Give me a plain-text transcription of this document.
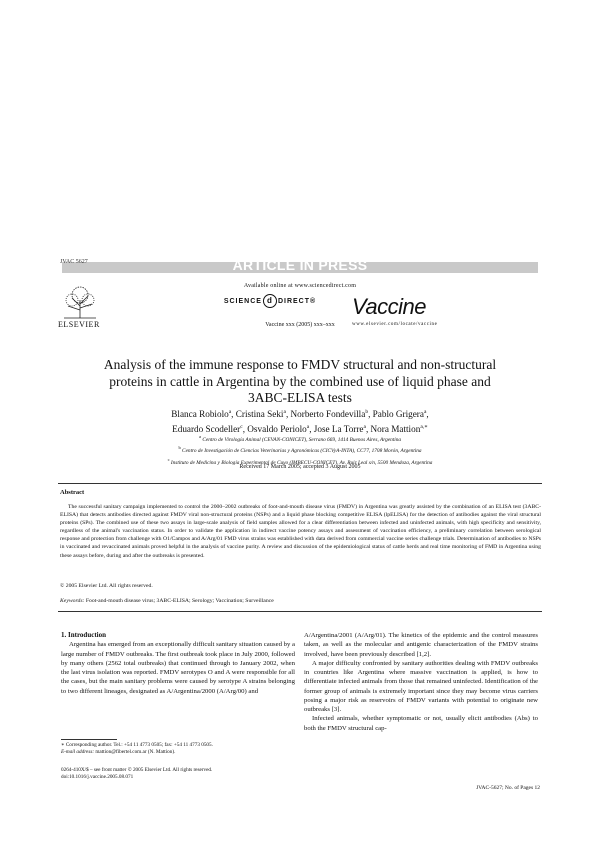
ARTICLE IN PRESS
JVAC 5627
ELSEVIER
Available online at www.sciencedirect.com
SCIENCE d DIRECT®
Vaccine xxx (2005) xxx–xxx
Vaccine
www.elsevier.com/locate/vaccine
Analysis of the immune response to FMDV structural and non-structural proteins in cattle in Argentina by the combined use of liquid phase and 3ABC-ELISA tests
Blanca Robiolo$^a$, Cristina Seki$^a$, Norberto Fondevilla$^b$, Pablo Grigera$^a$,
Eduardo Scodeller$^c$, Osvaldo Periolo$^a$, Jose La Torre$^a$, Nora Mattion$^{a,∗}$
$^a$ Centro de Virología Animal (CEVAN-CONICET), Serrano 669, 1414 Buenos Aires, Argentina
$^b$ Centro de Investigación de Ciencias Veterinarias y Agronómicas (CICVyA-INTA), CC77, 1708 Morón, Argentina
$^c$ Instituto de Medicina y Biología Experimental de Cuyo (IMBECU-CONICET), Av. Ruiz Leal s/n, 5500 Mendoza, Argentina
Received 17 March 2005; accepted 3 August 2005
Abstract

The successful sanitary campaign implemented to control the 2000–2002 outbreaks of foot-and-mouth disease virus (FMDV) in Argentina was greatly assisted by the combination of an ELISA test (3ABC-ELISA) that detects antibodies directed against FMDV viral non-structural proteins (NSPs) and a liquid phase blocking competitive ELISA (lpELISA) for the detection of antibodies against the viral structural proteins (SPs). The combined use of these two assays in large-scale analysis of field samples allowed for a clear differentiation between infected and uninfected animals, with high specificity and sensitivity, regardless of the animal's vaccination status. In order to validate the application in indirect vaccine potency assays and assessment of vaccination efficiency, a preliminary correlation between serological response and protection from challenge with O1/Campos and A/Arg/01 FMD virus strains was established with data derived from commercial vaccine series challenge trials. Determination of antibodies to NSPs in vaccinated and revaccinated animals proved helpful in the analysis of vaccine purity. A review and discussion of the epidemiological status of cattle herds and real time monitoring of FMD in Argentina using these assays before, during and after the outbreaks is presented.

© 2005 Elsevier Ltd. All rights reserved.
Keywords: Foot-and-mouth disease virus; 3ABC-ELISA; Serology; Vaccination; Surveillance

1. Introduction

Argentina has emerged from an exceptionally difficult sanitary situation caused by a large number of FMDV outbreaks. The first outbreak took place in July 2000, followed by many others (2562 total outbreaks) that continued through to January 2002, when the last virus isolation was reported. FMDV serotypes O and A were responsible for all the cases, but the main sanitary problems were caused by serotype A strains belonging to two different lineages, designated as A/Argentina/2000 (A/Arg/00) and

A/Argentina/2001 (A/Arg/01). The kinetics of the epidemic and the control measures taken, as well as the molecular and antigenic characterization of the FMDV strains involved, have been previously described [1,2].

A major difficulty confronted by sanitary authorities dealing with FMDV outbreaks in countries like Argentina where massive vaccination is applied, is how to differentiate infected animals from those that remained uninfected. Identification of the former group of animals is extremely important since they may become virus carriers posing a major risk as reservoirs of FMDV variants with potential to originate new outbreaks [3].

Infected animals, whether symptomatic or not, usually elicit antibodies (Abs) to both the FMDV structural cap-

∗ Corresponding author. Tel.: +54 11 4773 0505; fax: +54 11 4773 0505.
E-mail address: mattion@fibertel.com.ar (N. Mattion).
0264-410X/$ – see front matter © 2005 Elsevier Ltd. All rights reserved.
doi:10.1016/j.vaccine.2005.08.071
JVAC-5627; No. of Pages 12
